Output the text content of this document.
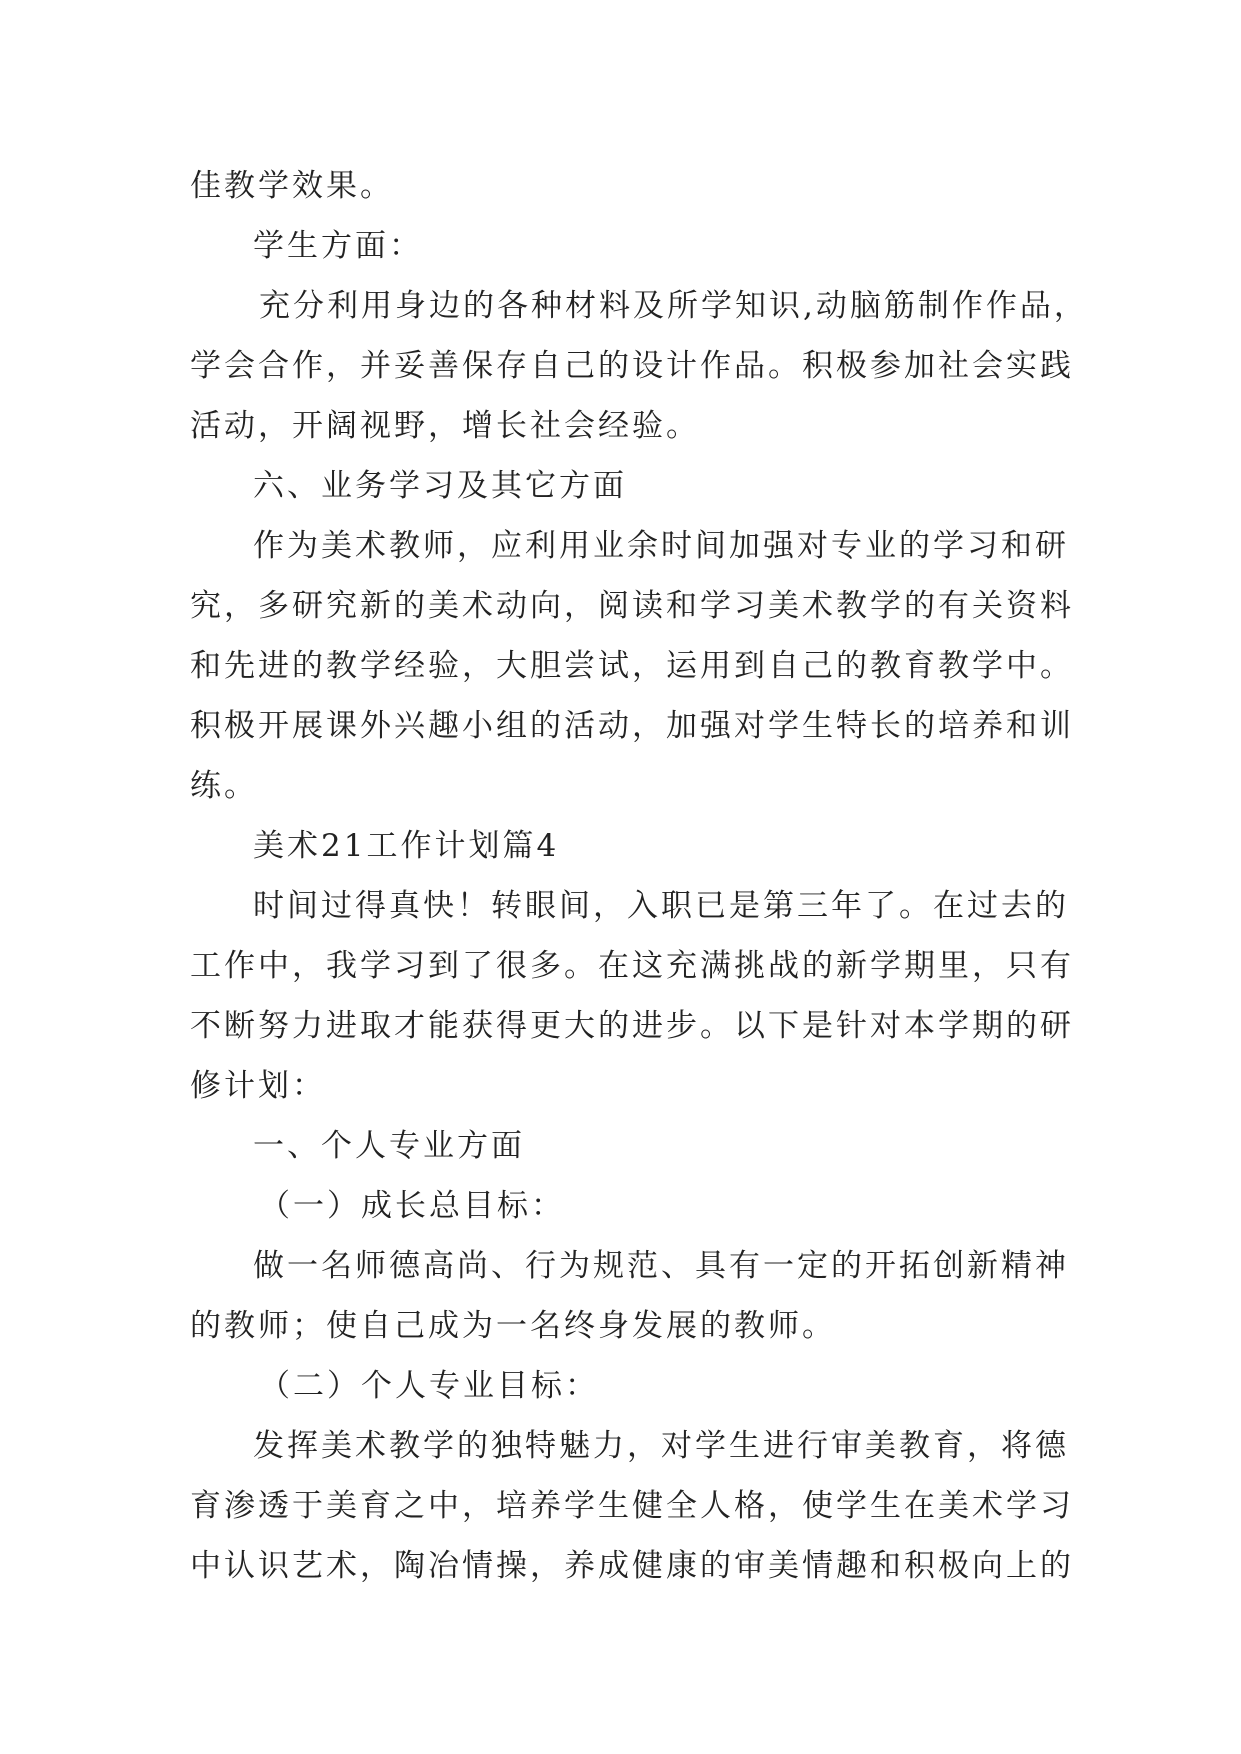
佳教学效果。
学生方面：
充分利用身边的各种材料及所学知识,动脑筋制作作品，
学会合作，并妥善保存自己的设计作品。积极参加社会实践
活动，开阔视野，增长社会经验。
六、业务学习及其它方面
作为美术教师，应利用业余时间加强对专业的学习和研
究，多研究新的美术动向，阅读和学习美术教学的有关资料
和先进的教学经验，大胆尝试，运用到自己的教育教学中。
积极开展课外兴趣小组的活动，加强对学生特长的培养和训
练。
美术21工作计划篇4
时间过得真快！转眼间，入职已是第三年了。在过去的
工作中，我学习到了很多。在这充满挑战的新学期里，只有
不断努力进取才能获得更大的进步。以下是针对本学期的研
修计划：
一、个人专业方面
（一）成长总目标：
做一名师德高尚、行为规范、具有一定的开拓创新精神
的教师；使自己成为一名终身发展的教师。
（二）个人专业目标：
发挥美术教学的独特魅力，对学生进行审美教育，将德
育渗透于美育之中，培养学生健全人格，使学生在美术学习
中认识艺术，陶冶情操，养成健康的审美情趣和积极向上的
